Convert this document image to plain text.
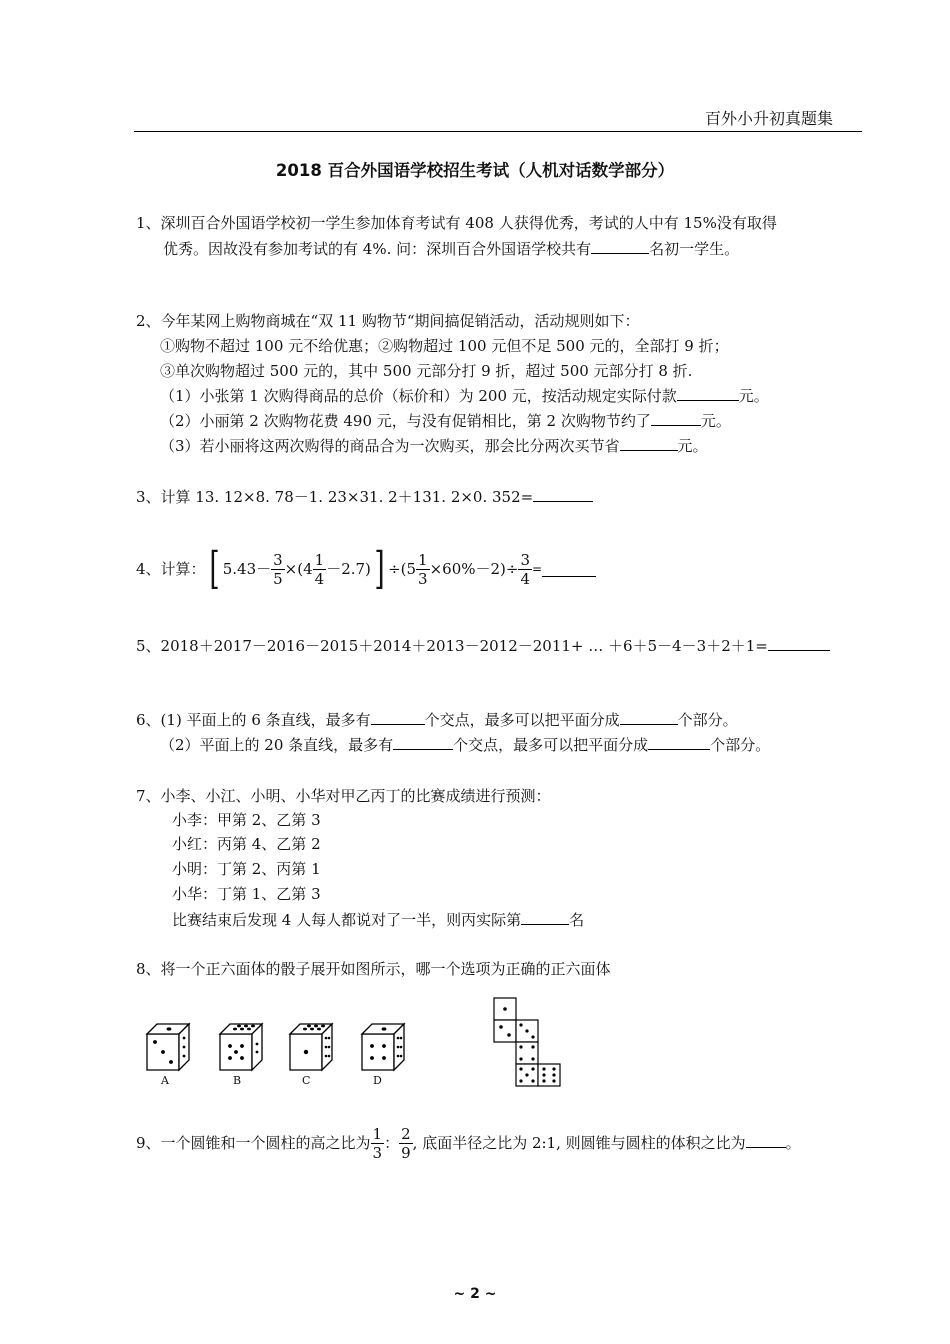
百外小升初真题集
2018 百合外国语学校招生考试（人机对话数学部分）
1、深圳百合外国语学校初一学生参加体育考试有 408 人获得优秀，考试的人中有 15%没有取得
优秀。因故没有参加考试的有 4%. 问：深圳百合外国语学校共有	名初一学生。
2、今年某网上购物商城在“双 11 购物节“期间搞促销活动，活动规则如下：
①购物不超过 100 元不给优惠；②购物超过 100 元但不足 500 元的，全部打 9 折；
③单次购物超过 500 元的，其中 500 元部分打 9 折，超过 500 元部分打 8 折.
（1）小张第 1 次购得商品的总价（标价和）为 200 元，按活动规定实际付款	元。
（2）小丽第 2 次购物花费 490 元，与没有促销相比，第 2 次购物节约了	元。
（3）若小丽将这两次购得的商品合为一次购买，那会比分两次买节省	元。
3、计算 13. 12×8. 78－1. 23×31. 2＋131. 2×0. 352=
4、计算：[ $5.43- \frac{3}{5} \times(4 \frac{1}{4} -2.7)] \div(5 \frac{1}{3} \times 60\%-2)\div \frac{3}{4}$ =
5、2018＋2017－2016－2015＋2014＋2013－2012－2011+ … ＋6＋5－4－3＋2＋1=
6、(1) 平面上的 6 条直线，最多有	个交点，最多可以把平面分成	个部分。
（2）平面上的 20 条直线，最多有	个交点，最多可以把平面分成	个部分。
7、小李、小江、小明、小华对甲乙丙丁的比赛成绩进行预测：
小李：甲第 2、乙第 3
小红：丙第 4、乙第 2
小明：丁第 2、丙第 1
小华：丁第 1、乙第 3
比赛结束后发现 4 人每人都说对了一半，则丙实际第	名
8、将一个正六面体的骰子展开如图所示，哪一个选项为正确的正六面体
A	B	C	D
9、一个圆锥和一个圆柱的高之比为 $\frac{1}{3}$ ： $\frac{2}{9}$ , 底面半径之比为 2:1, 则圆锥与圆柱的体积之比为	。
~ 2 ~
